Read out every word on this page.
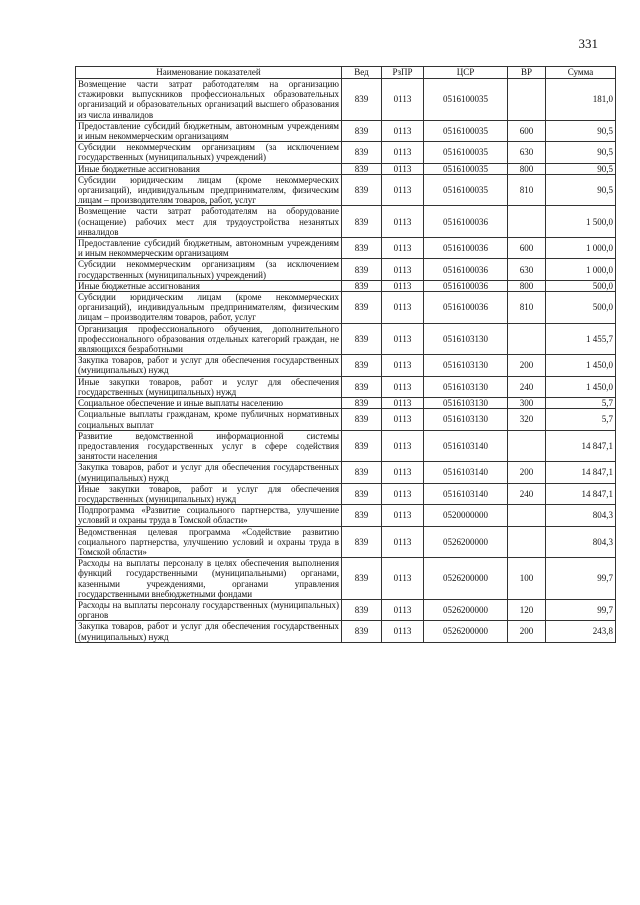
331
Наименование показателей	Вед	РзПР	ЦСР	ВР	Сумма
Возмещение части затрат работодателям на организацию стажировки выпускников профессиональных образовательных организаций и образовательных организаций высшего образования из числа инвалидов	839	0113	0516100035		181,0
Предоставление субсидий бюджетным, автономным учреждениям и иным некоммерческим организациям	839	0113	0516100035	600	90,5
Субсидии некоммерческим организациям (за исключением государственных (муниципальных) учреждений)	839	0113	0516100035	630	90,5
Иные бюджетные ассигнования	839	0113	0516100035	800	90,5
Субсидии юридическим лицам (кроме некоммерческих организаций), индивидуальным предпринимателям, физическим лицам – производителям товаров, работ, услуг	839	0113	0516100035	810	90,5
Возмещение части затрат работодателям на оборудование (оснащение) рабочих мест для трудоустройства незанятых инвалидов	839	0113	0516100036		1 500,0
Предоставление субсидий бюджетным, автономным учреждениям и иным некоммерческим организациям	839	0113	0516100036	600	1 000,0
Субсидии некоммерческим организациям (за исключением государственных (муниципальных) учреждений)	839	0113	0516100036	630	1 000,0
Иные бюджетные ассигнования	839	0113	0516100036	800	500,0
Субсидии юридическим лицам (кроме некоммерческих организаций), индивидуальным предпринимателям, физическим лицам – производителям товаров, работ, услуг	839	0113	0516100036	810	500,0
Организация профессионального обучения, дополнительного профессионального образования отдельных категорий граждан, не являющихся безработными	839	0113	0516103130		1 455,7
Закупка товаров, работ и услуг для обеспечения государственных (муниципальных) нужд	839	0113	0516103130	200	1 450,0
Иные закупки товаров, работ и услуг для обеспечения государственных (муниципальных) нужд	839	0113	0516103130	240	1 450,0
Социальное обеспечение и иные выплаты населению	839	0113	0516103130	300	5,7
Социальные выплаты гражданам, кроме публичных нормативных социальных выплат	839	0113	0516103130	320	5,7
Развитие ведомственной информационной системы предоставления государственных услуг в сфере содействия занятости населения	839	0113	0516103140		14 847,1
Закупка товаров, работ и услуг для обеспечения государственных (муниципальных) нужд	839	0113	0516103140	200	14 847,1
Иные закупки товаров, работ и услуг для обеспечения государственных (муниципальных) нужд	839	0113	0516103140	240	14 847,1
Подпрограмма «Развитие социального партнерства, улучшение условий и охраны труда в Томской области»	839	0113	0520000000		804,3
Ведомственная целевая программа «Содействие развитию социального партнерства, улучшению условий и охраны труда в Томской области»	839	0113	0526200000		804,3
Расходы на выплаты персоналу в целях обеспечения выполнения функций государственными (муниципальными) органами, казенными учреждениями, органами управления государственными внебюджетными фондами	839	0113	0526200000	100	99,7
Расходы на выплаты персоналу государственных (муниципальных) органов	839	0113	0526200000	120	99,7
Закупка товаров, работ и услуг для обеспечения государственных (муниципальных) нужд	839	0113	0526200000	200	243,8
